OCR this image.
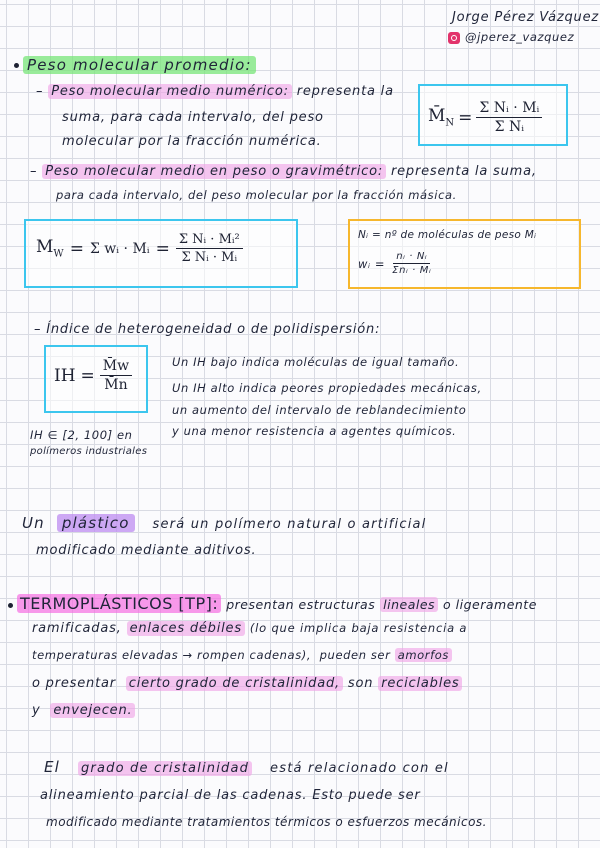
Jorge Pérez Vázquez
@jperez_vazquez
Peso molecular promedio:
– Peso molecular medio numérico: representa la
suma, para cada intervalo, del peso
molecular por la fracción numérica.
$M̄_N = \frac{\text{Σ Nᵢ · Mᵢ}}{\text{Σ Nᵢ}}$
– Peso molecular medio en peso o gravimétrico: representa la suma,
para cada intervalo, del peso molecular por la fracción másica.
$M_W = \Sigma$ wᵢ · Mᵢ = $\frac{\text{Σ Nᵢ · Mᵢ²}}{\text{Σ Nᵢ · Mᵢ}}$	Nᵢ = nº de moléculas de peso Mᵢ
wᵢ = $\frac{\text{nᵢ · Nᵢ}}{\text{Σnᵢ · Mᵢ}}$
– Índice de heterogeneidad o de polidispersión:
IH = $\frac{M̄w}{M̄n}$
IH ∈ [2, 100] en
polímeros industriales
Un IH bajo indica moléculas de igual tamaño.
Un IH alto indica peores propiedades mecánicas,
un aumento del intervalo de reblandecimiento
y una menor resistencia a agentes químicos.
Un plástico será un polímero natural o artificial
modificado mediante aditivos.
TERMOPLÁSTICOS [TP]: presentan estructuras lineales o ligeramente
ramificadas, enlaces débiles (lo que implica baja resistencia a
temperaturas elevadas → rompen cadenas), pueden ser amorfos
o presentar cierto grado de cristalinidad, son reciclables
y envejecen.
El grado de cristalinidad está relacionado con el
alineamiento parcial de las cadenas. Esto puede ser
modificado mediante tratamientos térmicos o esfuerzos mecánicos.
